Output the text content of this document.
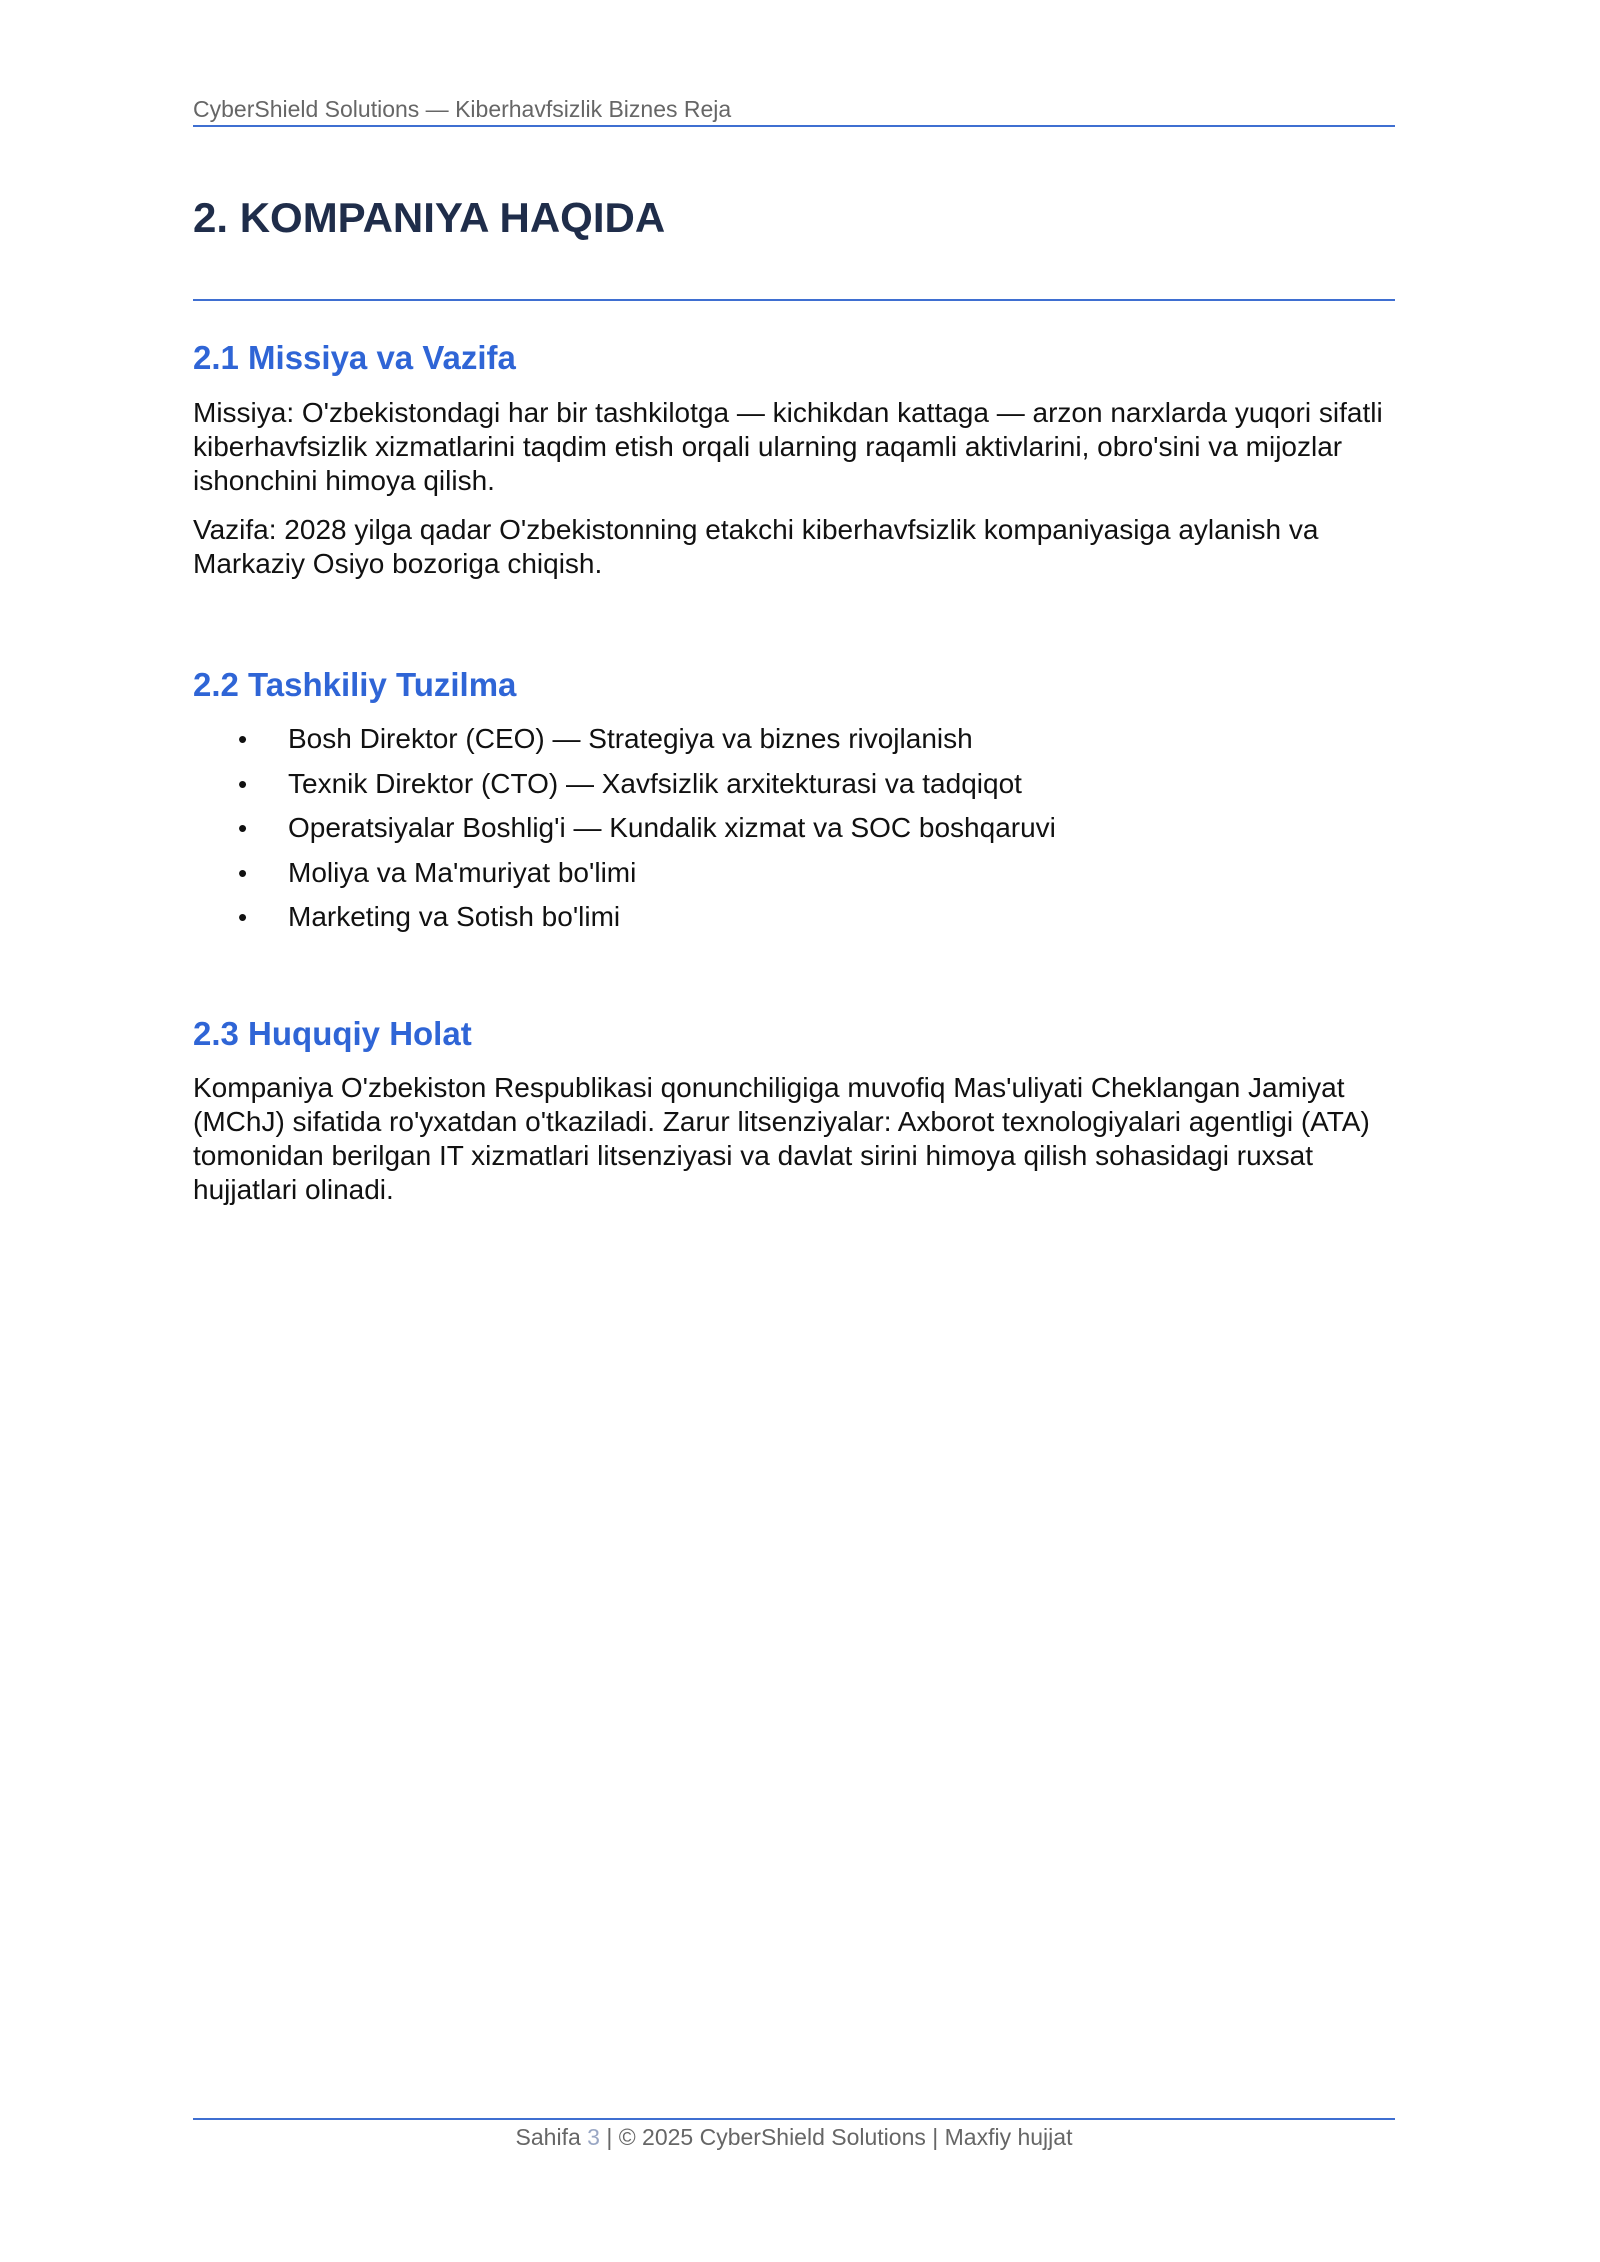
CyberShield Solutions — Kiberhavfsizlik Biznes Reja
2. KOMPANIYA HAQIDA
2.1 Missiya va Vazifa

Missiya: O'zbekistondagi har bir tashkilotga — kichikdan kattaga — arzon narxlarda yuqori sifatli kiberhavfsizlik xizmatlarini taqdim etish orqali ularning raqamli aktivlarini, obro'sini va mijozlar ishonchini himoya qilish.

Vazifa: 2028 yilga qadar O'zbekistonning etakchi kiberhavfsizlik kompaniyasiga aylanish va Markaziy Osiyo bozoriga chiqish.

2.2 Tashkiliy Tuzilma
• Bosh Direktor (CEO) — Strategiya va biznes rivojlanish
• Texnik Direktor (CTO) — Xavfsizlik arxitekturasi va tadqiqot
• Operatsiyalar Boshlig'i — Kundalik xizmat va SOC boshqaruvi
• Moliya va Ma'muriyat bo'limi
• Marketing va Sotish bo'limi
2.3 Huquqiy Holat

Kompaniya O'zbekiston Respublikasi qonunchiligiga muvofiq Mas'uliyati Cheklangan Jamiyat (MChJ) sifatida ro'yxatdan o'tkaziladi. Zarur litsenziyalar: Axborot texnologiyalari agentligi (ATA) tomonidan berilgan IT xizmatlari litsenziyasi va davlat sirini himoya qilish sohasidagi ruxsat hujjatlari olinadi.

Sahifa 3 | © 2025 CyberShield Solutions | Maxfiy hujjat
